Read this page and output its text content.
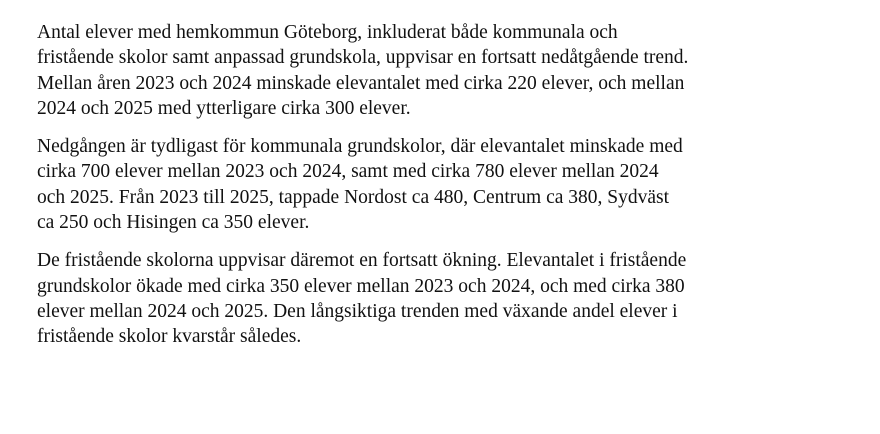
Antal elever med hemkommun Göteborg, inkluderat både kommunala och
fristående skolor samt anpassad grundskola, uppvisar en fortsatt nedåtgående trend.
Mellan åren 2023 och 2024 minskade elevantalet med cirka 220 elever, och mellan
2024 och 2025 med ytterligare cirka 300 elever.

Nedgången är tydligast för kommunala grundskolor, där elevantalet minskade med
cirka 700 elever mellan 2023 och 2024, samt med cirka 780 elever mellan 2024
och 2025. Från 2023 till 2025, tappade Nordost ca 480, Centrum ca 380, Sydväst
ca 250 och Hisingen ca 350 elever.

De fristående skolorna uppvisar däremot en fortsatt ökning. Elevantalet i fristående
grundskolor ökade med cirka 350 elever mellan 2023 och 2024, och med cirka 380
elever mellan 2024 och 2025. Den långsiktiga trenden med växande andel elever i
fristående skolor kvarstår således.
